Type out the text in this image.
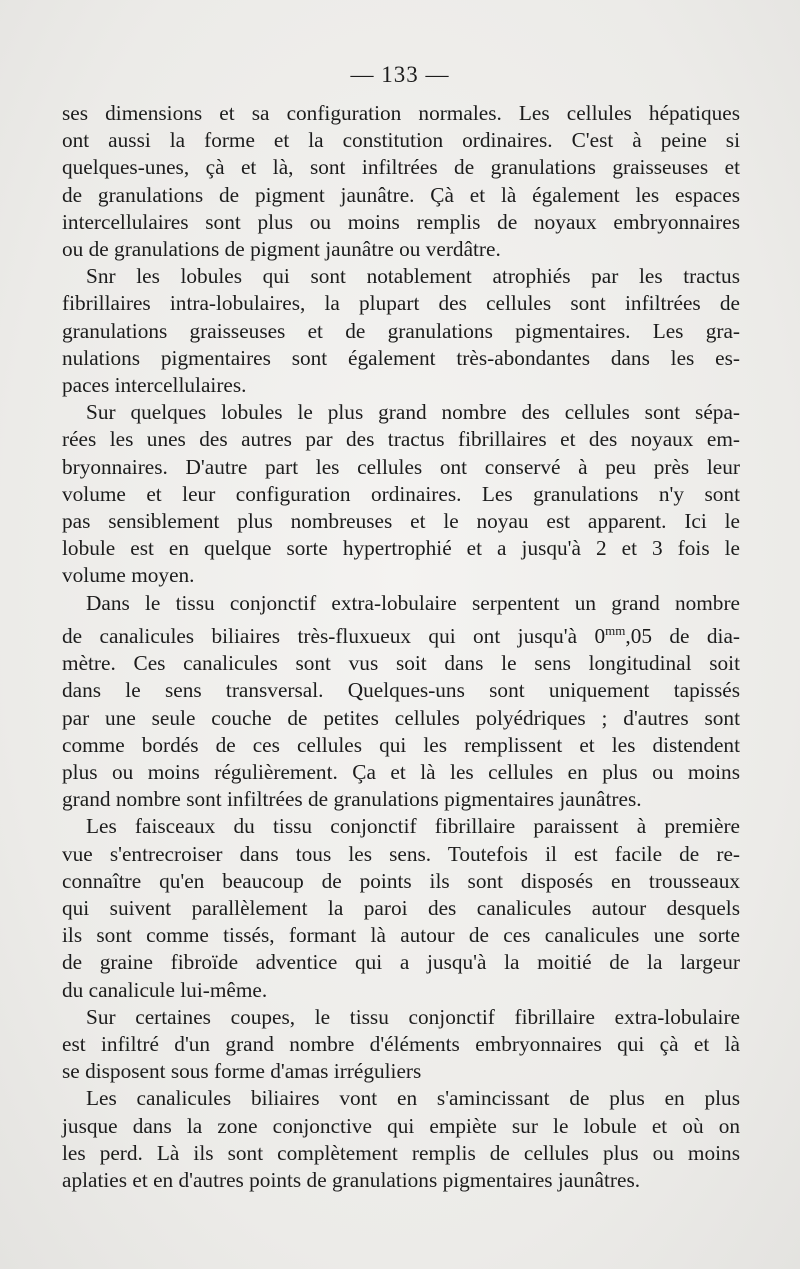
— 133 —
ses dimensions et sa configuration normales. Les cellules hépatiques
ont aussi la forme et la constitution ordinaires. C'est à peine si
quelques-unes, çà et là, sont infiltrées de granulations graisseuses et
de granulations de pigment jaunâtre. Çà et là également les espaces
intercellulaires sont plus ou moins remplis de noyaux embryonnaires
ou de granulations de pigment jaunâtre ou verdâtre.
Snr les lobules qui sont notablement atrophiés par les tractus
fibrillaires intra-lobulaires, la plupart des cellules sont infiltrées de
granulations graisseuses et de granulations pigmentaires. Les gra-
nulations pigmentaires sont également très-abondantes dans les es-
paces intercellulaires.
Sur quelques lobules le plus grand nombre des cellules sont sépa-
rées les unes des autres par des tractus fibrillaires et des noyaux em-
bryonnaires. D'autre part les cellules ont conservé à peu près leur
volume et leur configuration ordinaires. Les granulations n'y sont
pas sensiblement plus nombreuses et le noyau est apparent. Ici le
lobule est en quelque sorte hypertrophié et a jusqu'à 2 et 3 fois le
volume moyen.
Dans le tissu conjonctif extra-lobulaire serpentent un grand nombre
de canalicules biliaires très-fluxueux qui ont jusqu'à $0^{mm},05$ de dia-
mètre. Ces canalicules sont vus soit dans le sens longitudinal soit
dans le sens transversal. Quelques-uns sont uniquement tapissés
par une seule couche de petites cellules polyédriques ; d'autres sont
comme bordés de ces cellules qui les remplissent et les distendent
plus ou moins régulièrement. Ça et là les cellules en plus ou moins
grand nombre sont infiltrées de granulations pigmentaires jaunâtres.
Les faisceaux du tissu conjonctif fibrillaire paraissent à première
vue s'entrecroiser dans tous les sens. Toutefois il est facile de re-
connaître qu'en beaucoup de points ils sont disposés en trousseaux
qui suivent parallèlement la paroi des canalicules autour desquels
ils sont comme tissés, formant là autour de ces canalicules une sorte
de graine fibroïde adventice qui a jusqu'à la moitié de la largeur
du canalicule lui-même.
Sur certaines coupes, le tissu conjonctif fibrillaire extra-lobulaire
est infiltré d'un grand nombre d'éléments embryonnaires qui çà et là
se disposent sous forme d'amas irréguliers
Les canalicules biliaires vont en s'amincissant de plus en plus
jusque dans la zone conjonctive qui empiète sur le lobule et où on
les perd. Là ils sont complètement remplis de cellules plus ou moins
aplaties et en d'autres points de granulations pigmentaires jaunâtres.
